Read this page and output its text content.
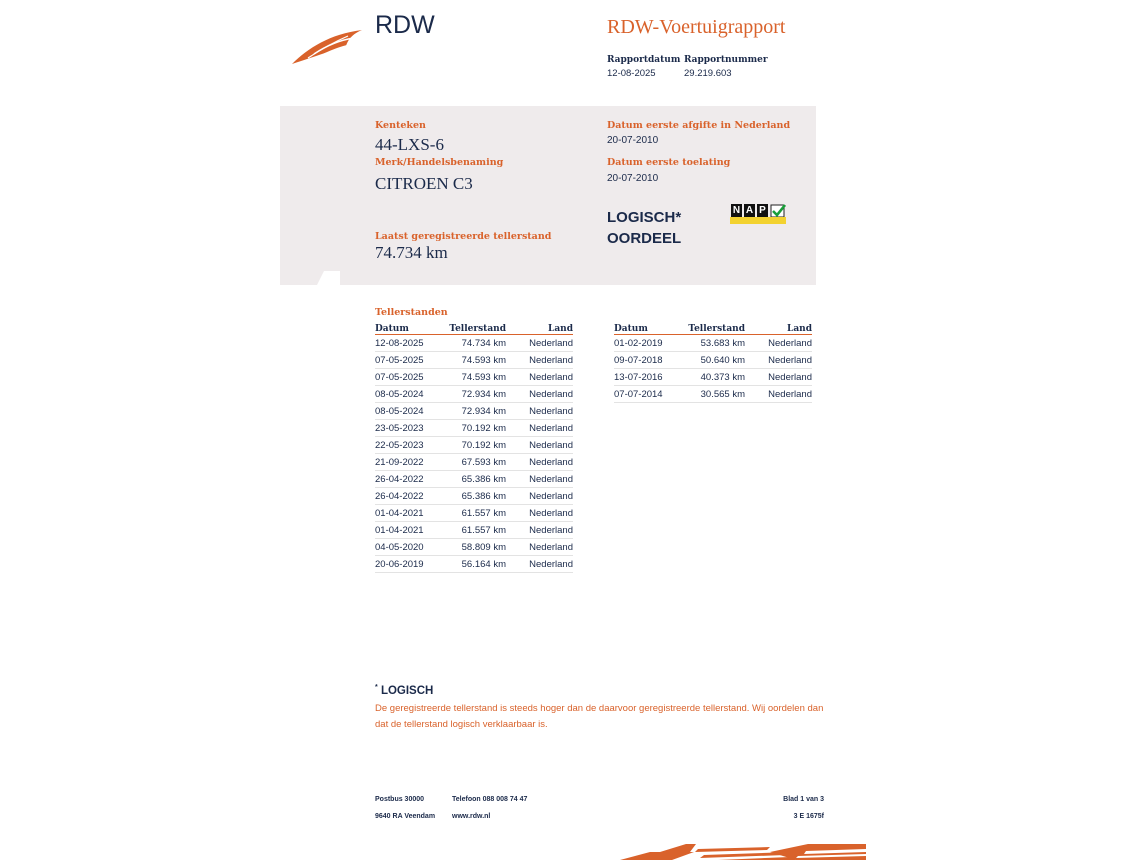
RDW	RDW-Voertuigrapport
Rapportdatum
12-08-2025
Rapportnummer
29.219.603
Kenteken
44-LXS-6
Merk/Handelsbenaming
CITROEN C3
Datum eerste afgifte in Nederland
20-07-2010
Datum eerste toelating
20-07-2010
Laatst geregistreerde tellerstand
74.734 km
LOGISCH*
OORDEEL
N A P
Tellerstanden
Datum	Tellerstand	Land
12-08-2025	74.734 km	Nederland
07-05-2025	74.593 km	Nederland
07-05-2025	74.593 km	Nederland
08-05-2024	72.934 km	Nederland
08-05-2024	72.934 km	Nederland
23-05-2023	70.192 km	Nederland
22-05-2023	70.192 km	Nederland
21-09-2022	67.593 km	Nederland
26-04-2022	65.386 km	Nederland
26-04-2022	65.386 km	Nederland
01-04-2021	61.557 km	Nederland
01-04-2021	61.557 km	Nederland
04-05-2020	58.809 km	Nederland
20-06-2019	56.164 km	Nederland
Datum	Tellerstand	Land
01-02-2019	53.683 km	Nederland
09-07-2018	50.640 km	Nederland
13-07-2016	40.373 km	Nederland
07-07-2014	30.565 km	Nederland
* LOGISCH
De geregistreerde tellerstand is steeds hoger dan de daarvoor geregistreerde tellerstand. Wij oordelen dan dat de tellerstand logisch verklaarbaar is.
Postbus 30000
9640 RA Veendam
Telefoon 088 008 74 47
www.rdw.nl
Blad 1 van 3
3 E 1675f
